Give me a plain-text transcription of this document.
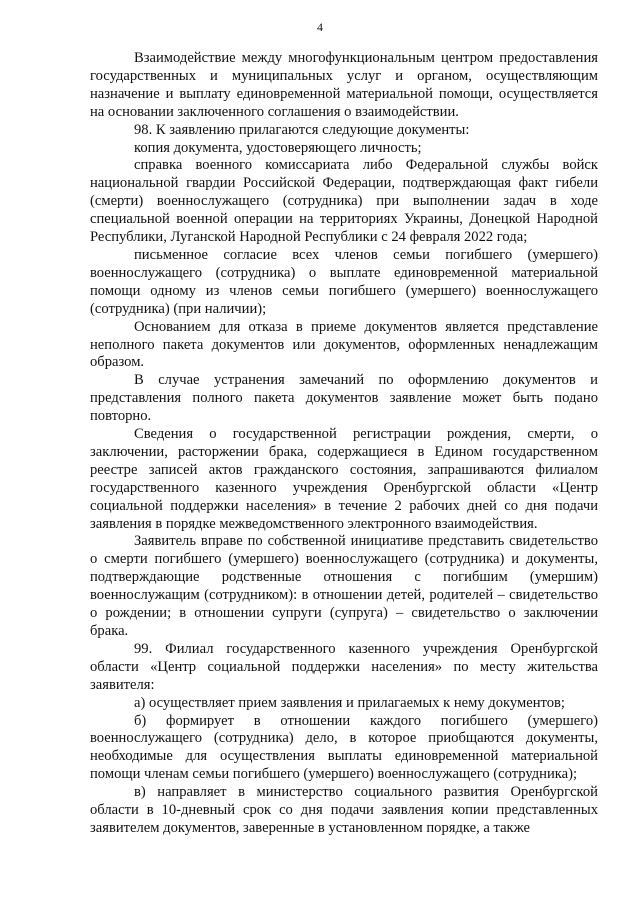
4

Взаимодействие между многофункциональным центром предоставления государственных и муниципальных услуг и органом, осуществляющим назначение и выплату единовременной материальной помощи, осуществляется на основании заключенного соглашения о взаимодействии.

98. К заявлению прилагаются следующие документы:

копия документа, удостоверяющего личность;

справка военного комиссариата либо Федеральной службы войск национальной гвардии Российской Федерации, подтверждающая факт гибели (смерти) военнослужащего (сотрудника) при выполнении задач в ходе специальной военной операции на территориях Украины, Донецкой Народной Республики, Луганской Народной Республики с 24 февраля 2022 года;

письменное согласие всех членов семьи погибшего (умершего) военнослужащего (сотрудника) о выплате единовременной материальной помощи одному из членов семьи погибшего (умершего) военнослужащего (сотрудника) (при наличии);

Основанием для отказа в приеме документов является представление неполного пакета документов или документов, оформленных ненадлежащим образом.

В случае устранения замечаний по оформлению документов и представления полного пакета документов заявление может быть подано повторно.

Сведения о государственной регистрации рождения, смерти, о заключении, расторжении брака, содержащиеся в Едином государственном реестре записей актов гражданского состояния, запрашиваются филиалом государственного казенного учреждения Оренбургской области «Центр социальной поддержки населения» в течение 2 рабочих дней со дня подачи заявления в порядке межведомственного электронного взаимодействия.

Заявитель вправе по собственной инициативе представить свидетельство о смерти погибшего (умершего) военнослужащего (сотрудника) и документы, подтверждающие родственные отношения с погибшим (умершим) военнослужащим (сотрудником): в отношении детей, родителей – свидетельство о рождении; в отношении супруги (супруга) – свидетельство о заключении брака.

99. Филиал государственного казенного учреждения Оренбургской области «Центр социальной поддержки населения» по месту жительства заявителя:

а) осуществляет прием заявления и прилагаемых к нему документов;

б) формирует в отношении каждого погибшего (умершего) военнослужащего (сотрудника) дело, в которое приобщаются документы, необходимые для осуществления выплаты единовременной материальной помощи членам семьи погибшего (умершего) военнослужащего (сотрудника);

в) направляет в министерство социального развития Оренбургской области в 10-дневный срок со дня подачи заявления копии представленных заявителем документов, заверенные в установленном порядке, а также
